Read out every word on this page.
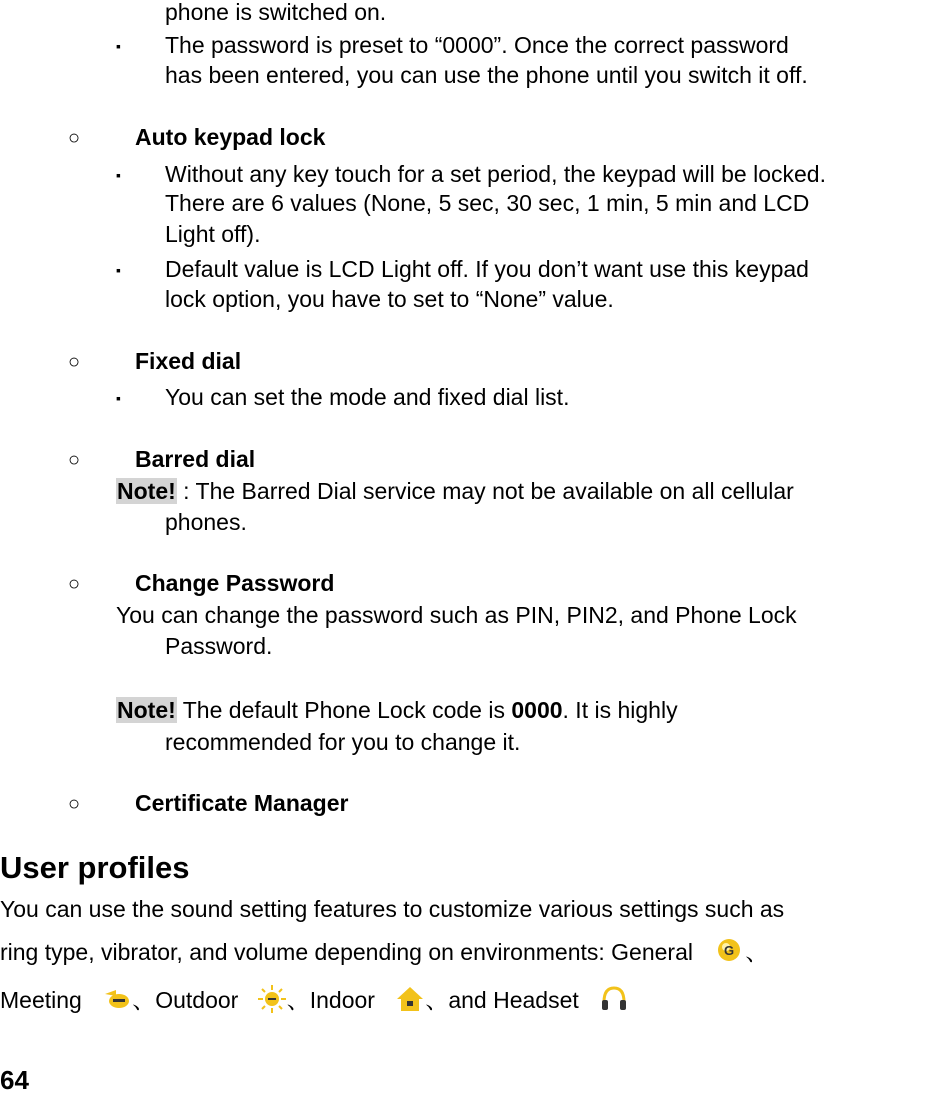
phone is switched on.
▪ The password is preset to “0000”. Once the correct password
has been entered, you can use the phone until you switch it off.
○ Auto keypad lock
▪ Without any key touch for a set period, the keypad will be locked.
There are 6 values (None, 5 sec, 30 sec, 1 min, 5 min and LCD
Light off).
▪ Default value is LCD Light off. If you don’t want use this keypad
lock option, you have to set to “None” value.
○ Fixed dial
▪ You can set the mode and fixed dial list.
○ Barred dial
Note! : The Barred Dial service may not be available on all cellular
phones.
○ Change Password
You can change the password such as PIN, PIN2, and Phone Lock
Password.
Note! The default Phone Lock code is 0000. It is highly
recommended for you to change it.
○ Certificate Manager
User profiles
You can use the sound setting features to customize various settings such as
ring type, vibrator, and volume depending on environments: General G 、
Meeting 、Outdoor 、Indoor 、and Headset
64
